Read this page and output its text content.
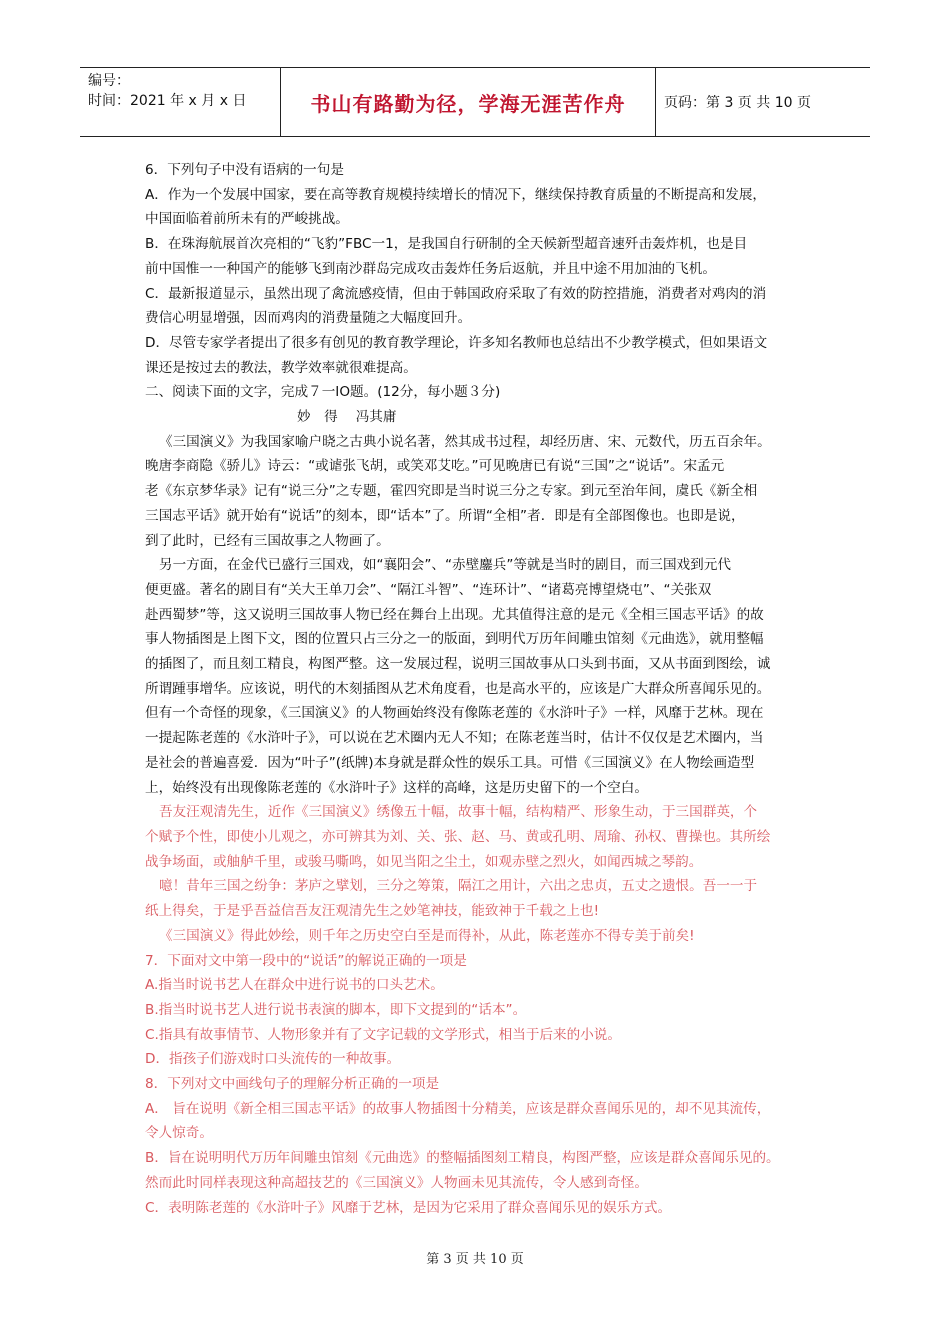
编号：
时间：2021 年 x 月 x 日	书山有路勤为径，学海无涯苦作舟	页码：第 3 页 共 10 页

6．下列句子中没有语病的一句是

A．作为一个发展中国家，要在高等教育规模持续增长的情况下，继续保持教育质量的不断提高和发展，

中国面临着前所未有的严峻挑战。

B．在珠海航展首次亮相的“飞豹”FBC一1，是我国自行研制的全天候新型超音速歼击轰炸机，也是目

前中国惟一一种国产的能够飞到南沙群岛完成攻击轰炸任务后返航，并且中途不用加油的飞机。

C．最新报道显示，虽然出现了禽流感疫情，但由于韩国政府采取了有效的防控措施，消费者对鸡肉的消

费信心明显增强，因而鸡肉的消费量随之大幅度回升。

D．尽管专家学者提出了很多有创见的教育教学理论，许多知名教师也总结出不少教学模式，但如果语文

课还是按过去的教法，教学效率就很难提高。

二、阅读下面的文字，完成７一IO题。(12分，每小题３分)

妙　得　 冯其庸

《三国演义》为我国家喻户晓之古典小说名著，然其成书过程，却经历唐、宋、元数代，历五百余年。

晚唐李商隐《骄儿》诗云：“或谑张飞胡，或笑邓艾吃。”可见晚唐已有说“三国”之“说话”。宋孟元

老《东京梦华录》记有“说三分”之专题，霍四究即是当时说三分之专家。到元至治年间，虞氏《新全相

三国志平话》就开始有“说话”的刻本，即“话本”了。所谓“全相”者．即是有全部图像也。也即是说，

到了此时，已经有三国故事之人物画了。

另一方面，在金代已盛行三国戏，如“襄阳会”、“赤壁鏖兵”等就是当时的剧目，而三国戏到元代

便更盛。著名的剧目有“关大王单刀会”、“隔江斗智”、“连环计”、“诸葛亮博望烧屯”、“关张双

赴西蜀梦”等，这又说明三国故事人物已经在舞台上出现。尤其值得注意的是元《全相三国志平话》的故

事人物插图是上图下文，图的位置只占三分之一的版面，到明代万历年间雕虫馆刻《元曲选》，就用整幅

的插图了，而且刻工精良，构图严整。这一发展过程，说明三国故事从口头到书面，又从书面到图绘，诚

所谓踵事增华。应该说，明代的木刻插图从艺术角度看，也是高水平的，应该是广大群众所喜闻乐见的。

但有一个奇怪的现象，《三国演义》的人物画始终没有像陈老莲的《水浒叶子》一样，风靡于艺林。现在

一提起陈老莲的《水浒叶子》，可以说在艺术圈内无人不知；在陈老莲当时，估计不仅仅是艺术圈内，当

是社会的普遍喜爱．因为“叶子”(纸牌)本身就是群众性的娱乐工具。可惜《三国演义》在人物绘画造型

上，始终没有出现像陈老莲的《水浒叶子》这样的高峰，这是历史留下的一个空白。

吾友汪观清先生，近作《三国演义》绣像五十幅，故事十幅，结构精严、形象生动，于三国群英，个

个赋予个性，即使小儿观之，亦可辨其为刘、关、张、赵、马、黄或孔明、周瑜、孙权、曹操也。其所绘

战争场面，或舳舻千里，或骏马嘶鸣，如见当阳之尘土，如观赤壁之烈火，如闻西城之琴韵。

噫！昔年三国之纷争：茅庐之擘划，三分之筹策，隔江之用计，六出之忠贞，五丈之遗恨。吾一一于

纸上得矣，于是乎吾益信吾友汪观清先生之妙笔神技，能致神于千载之上也!

《三国演义》得此妙绘，则千年之历史空白至是而得补，从此，陈老莲亦不得专美于前矣!

7．下面对文中第一段中的“说话”的解说正确的一项是

A.指当时说书艺人在群众中进行说书的口头艺术。

B.指当时说书艺人进行说书表演的脚本，即下文提到的“话本”。

C.指具有故事情节、人物形象并有了文字记载的文学形式，相当于后来的小说。

D．指孩子们游戏时口头流传的一种故事。

8．下列对文中画线句子的理解分析正确的一项是

A． 旨在说明《新全相三国志平话》的故事人物插图十分精美，应该是群众喜闻乐见的，却不见其流传，

令人惊奇。

B．旨在说明明代万历年间雕虫馆刻《元曲选》的整幅插图刻工精良，构图严整，应该是群众喜闻乐见的。

然而此时同样表现这种高超技艺的《三国演义》人物画未见其流传，令人感到奇怪。

C．表明陈老莲的《水浒叶子》风靡于艺林，是因为它采用了群众喜闻乐见的娱乐方式。

第 3 页 共 10 页
